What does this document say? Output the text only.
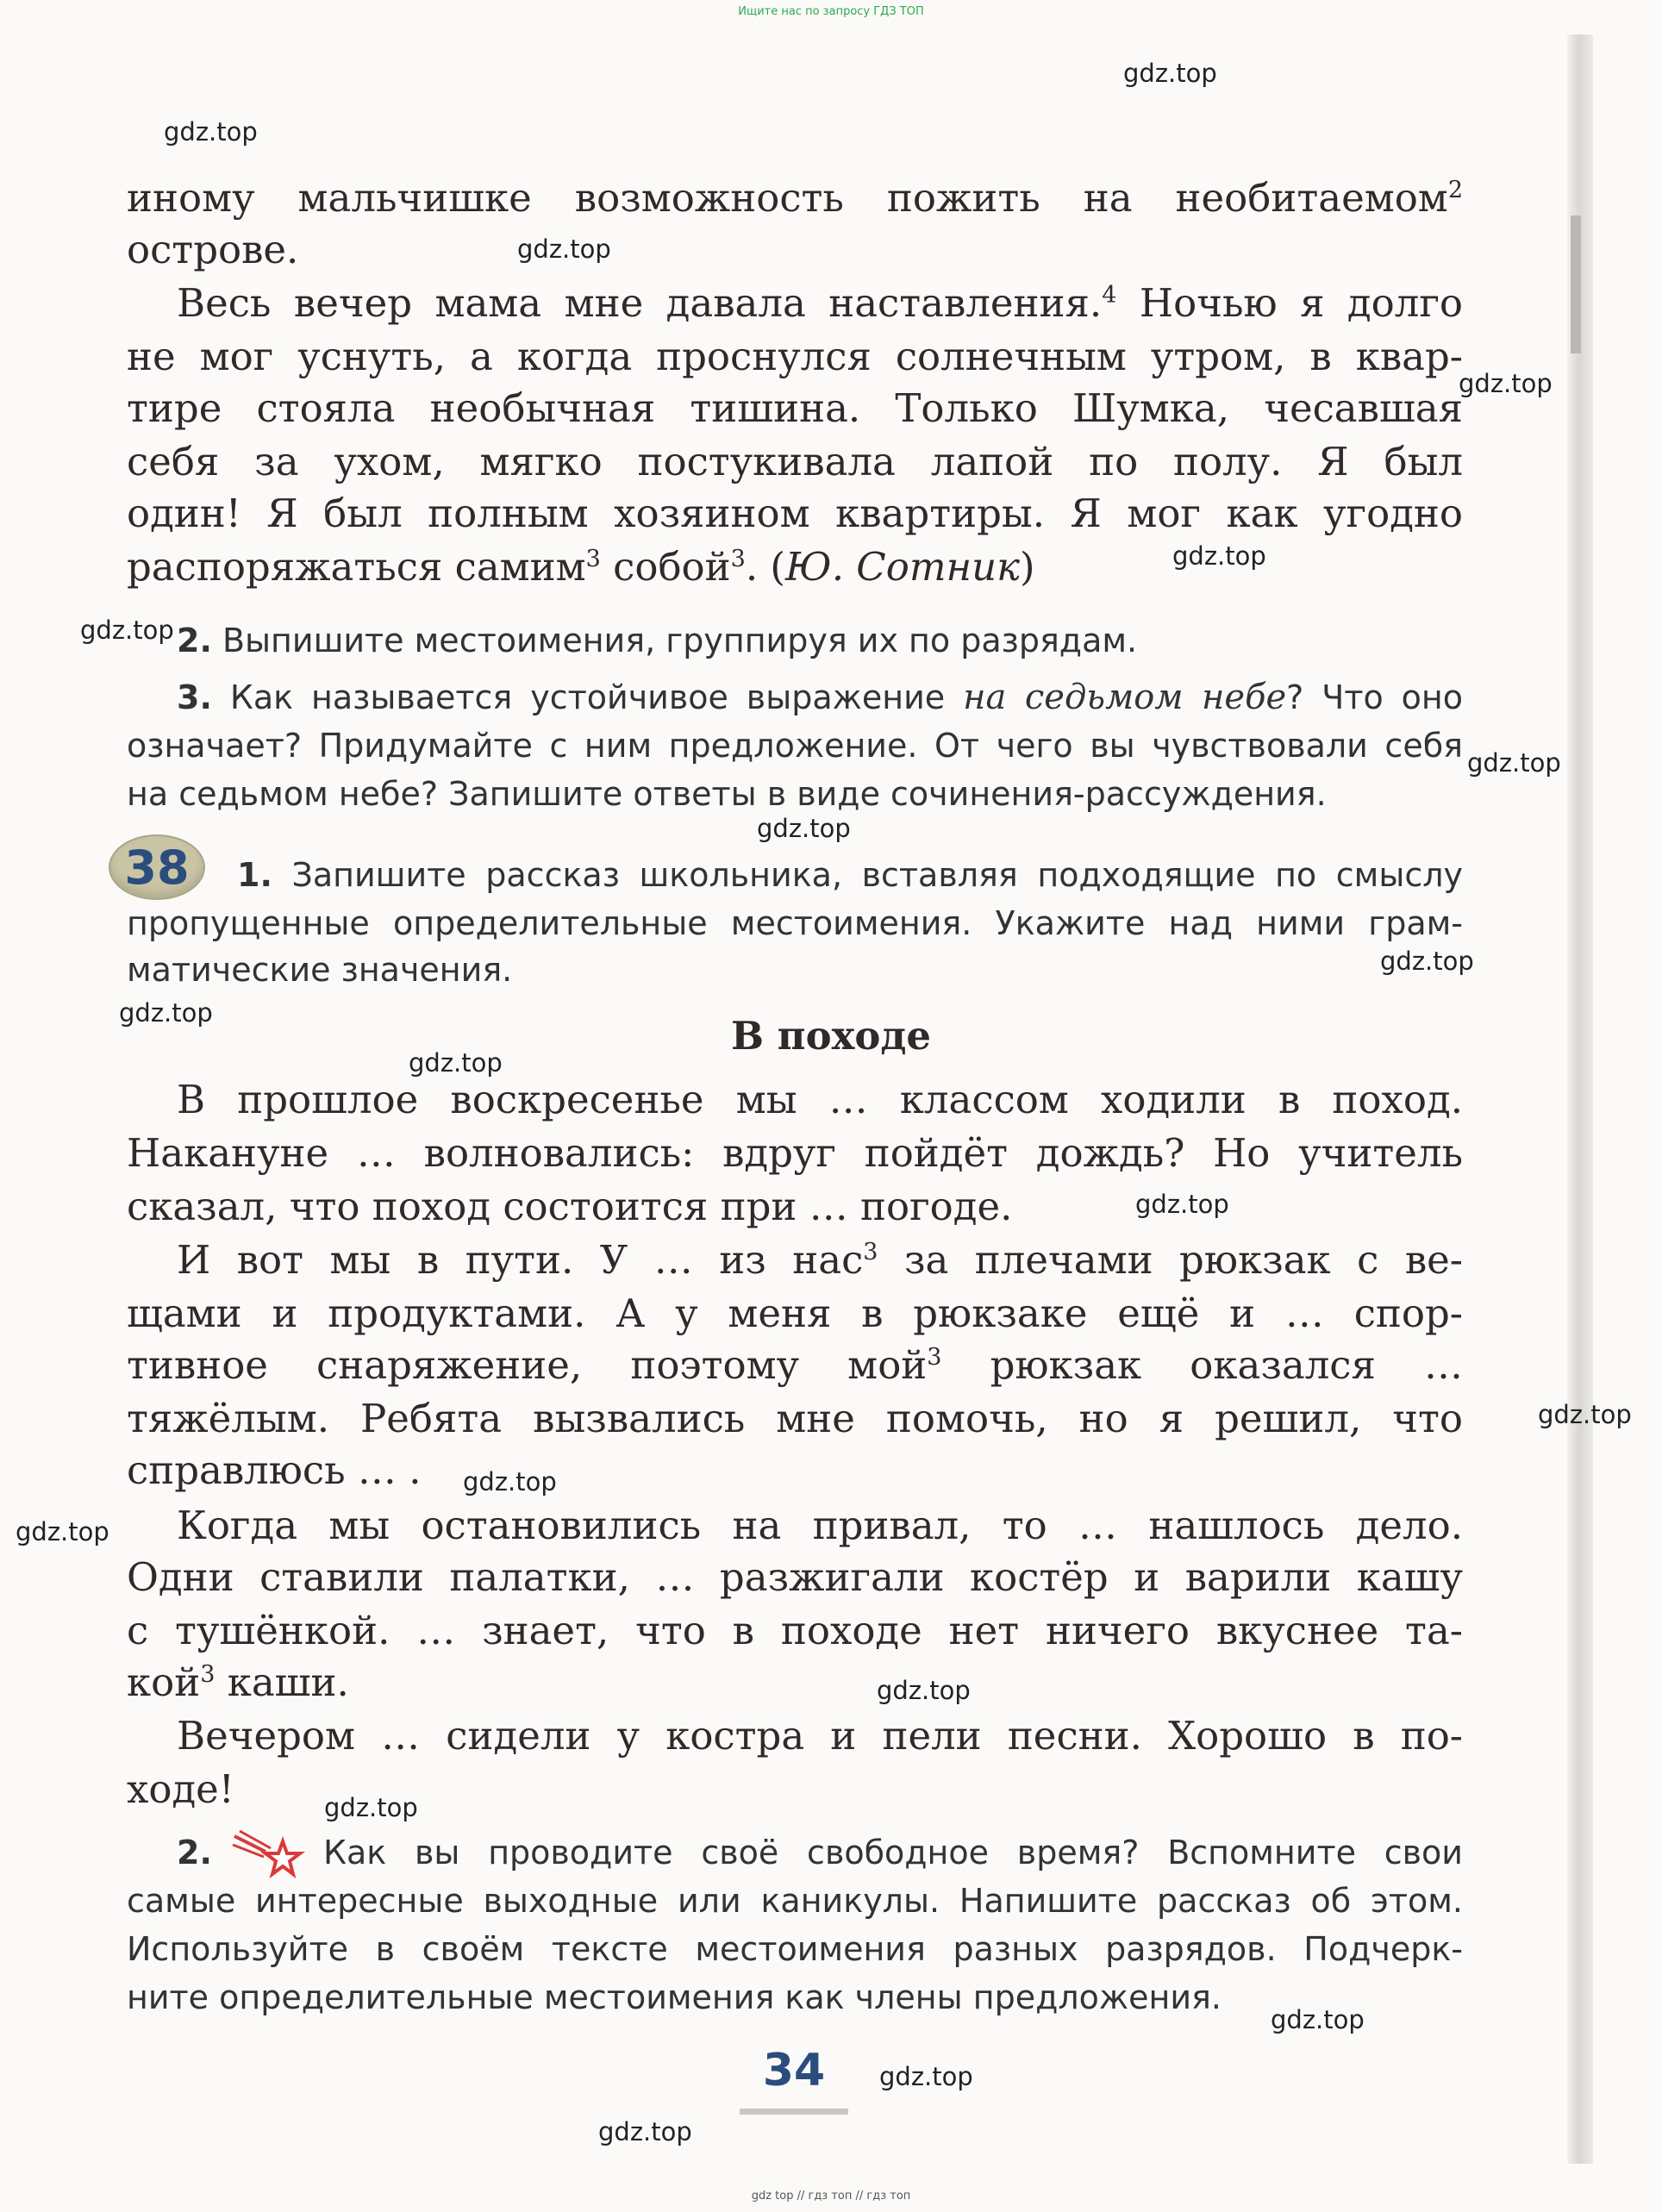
Ищите нас по запросу ГДЗ ТОП
gdz.top
gdz.top
gdz.top
gdz.top
gdz.top
gdz.top
gdz.top
gdz.top
gdz.top
gdz.top
gdz.top
gdz.top
gdz.top
gdz.top
gdz.top
gdz.top
gdz.top
gdz.top
gdz.top
gdz.top
иному мальчишке возможность пожить на необитаемом$^2$
острове.
Весь вечер мама мне давала наставления.$^4$ Ночью я долго
не мог уснуть, а когда проснулся солнечным утром, в квар-
тире стояла необычная тишина. Только Шумка, чесавшая
себя за ухом, мягко постукивала лапой по полу. Я был
один! Я был полным хозяином квартиры. Я мог как угодно
распоряжаться самим$^3$ собой$^3$. (Ю. Сотник)
2. Выпишите местоимения, группируя их по разрядам.
3. Как называется устойчивое выражение на седьмом небе? Что оно
означает? Придумайте с ним предложение. От чего вы чувствовали себя
на седьмом небе? Запишите ответы в виде сочинения-рассуждения.
38	1. Запишите рассказ школьника, вставляя подходящие по смыслу
пропущенные определительные местоимения. Укажите над ними грам-
матические значения.
В походе
В прошлое воскресенье мы … классом ходили в поход.
Накануне … волновались: вдруг пойдёт дождь? Но учитель
сказал, что поход состоится при … погоде.
И вот мы в пути. У … из нас$^3$ за плечами рюкзак с ве-
щами и продуктами. А у меня в рюкзаке ещё и … спор-
тивное снаряжение, поэтому мой$^3$ рюкзак оказался …
тяжёлым. Ребята вызвались мне помочь, но я решил, что
справлюсь … .
Когда мы остановились на привал, то … нашлось дело.
Одни ставили палатки, … разжигали костёр и варили кашу
с тушёнкой. … знает, что в походе нет ничего вкуснее та-
кой$^3$ каши.
Вечером … сидели у костра и пели песни. Хорошо в по-
ходе!
2.	Как вы проводите своё свободное время? Вспомните свои
самые интересные выходные или каникулы. Напишите рассказ об этом.
Используйте в своём тексте местоимения разных разрядов. Подчерк-
ните определительные местоимения как члены предложения.
34
gdz top // гдз топ // гдз топ
